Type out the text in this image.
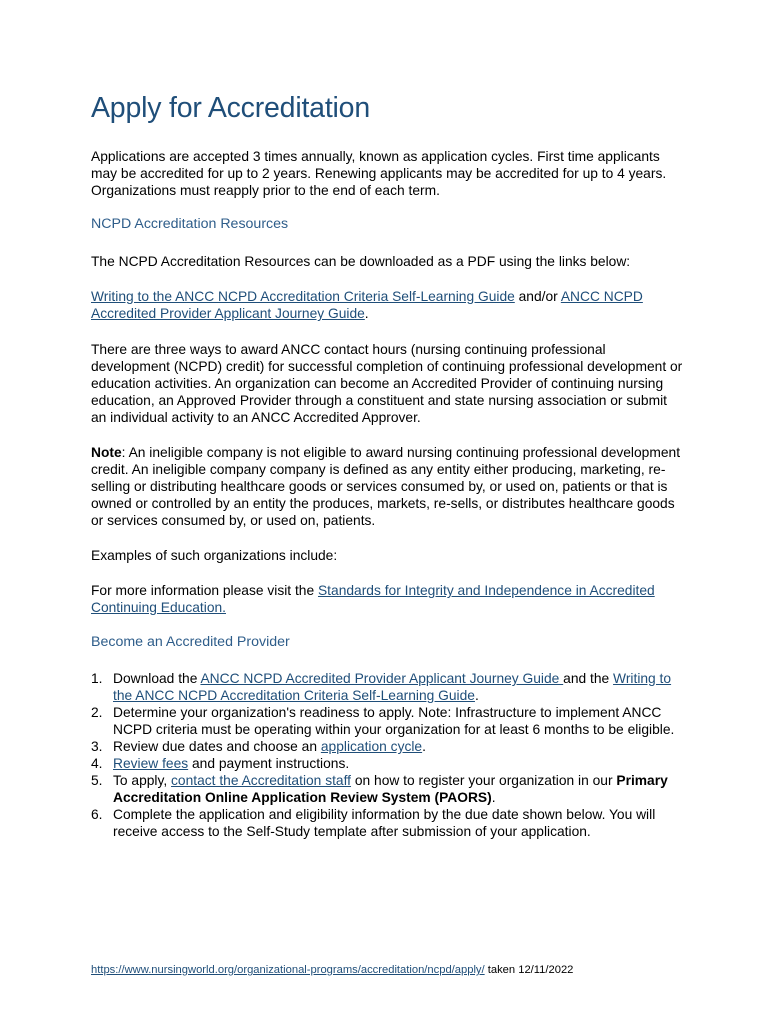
Apply for Accreditation

Applications are accepted 3 times annually, known as application cycles. First time applicants may be accredited for up to 2 years. Renewing applicants may be accredited for up to 4 years. Organizations must reapply prior to the end of each term.

NCPD Accreditation Resources

The NCPD Accreditation Resources can be downloaded as a PDF using the links below:

Writing to the ANCC NCPD Accreditation Criteria Self-Learning Guide and/or ANCC NCPD Accredited Provider Applicant Journey Guide.

There are three ways to award ANCC contact hours (nursing continuing professional development (NCPD) credit) for successful completion of continuing professional development or education activities. An organization can become an Accredited Provider of continuing nursing education, an Approved Provider through a constituent and state nursing association or submit an individual activity to an ANCC Accredited Approver.

Note: An ineligible company is not eligible to award nursing continuing professional development credit. An ineligible company company is defined as any entity either producing, marketing, re-selling or distributing healthcare goods or services consumed by, or used on, patients or that is owned or controlled by an entity the produces, markets, re-sells, or distributes healthcare goods or services consumed by, or used on, patients.

Examples of such organizations include:

For more information please visit the Standards for Integrity and Independence in Accredited Continuing Education.

Become an Accredited Provider
1. Download the ANCC NCPD Accredited Provider Applicant Journey Guide and the Writing to the ANCC NCPD Accreditation Criteria Self-Learning Guide.
2. Determine your organization's readiness to apply. Note: Infrastructure to implement ANCC NCPD criteria must be operating within your organization for at least 6 months to be eligible.
3. Review due dates and choose an application cycle.
4. Review fees and payment instructions.
5. To apply, contact the Accreditation staff on how to register your organization in our Primary Accreditation Online Application Review System (PAORS).
6. Complete the application and eligibility information by the due date shown below. You will receive access to the Self-Study template after submission of your application.
https://www.nursingworld.org/organizational-programs/accreditation/ncpd/apply/ taken 12/11/2022
